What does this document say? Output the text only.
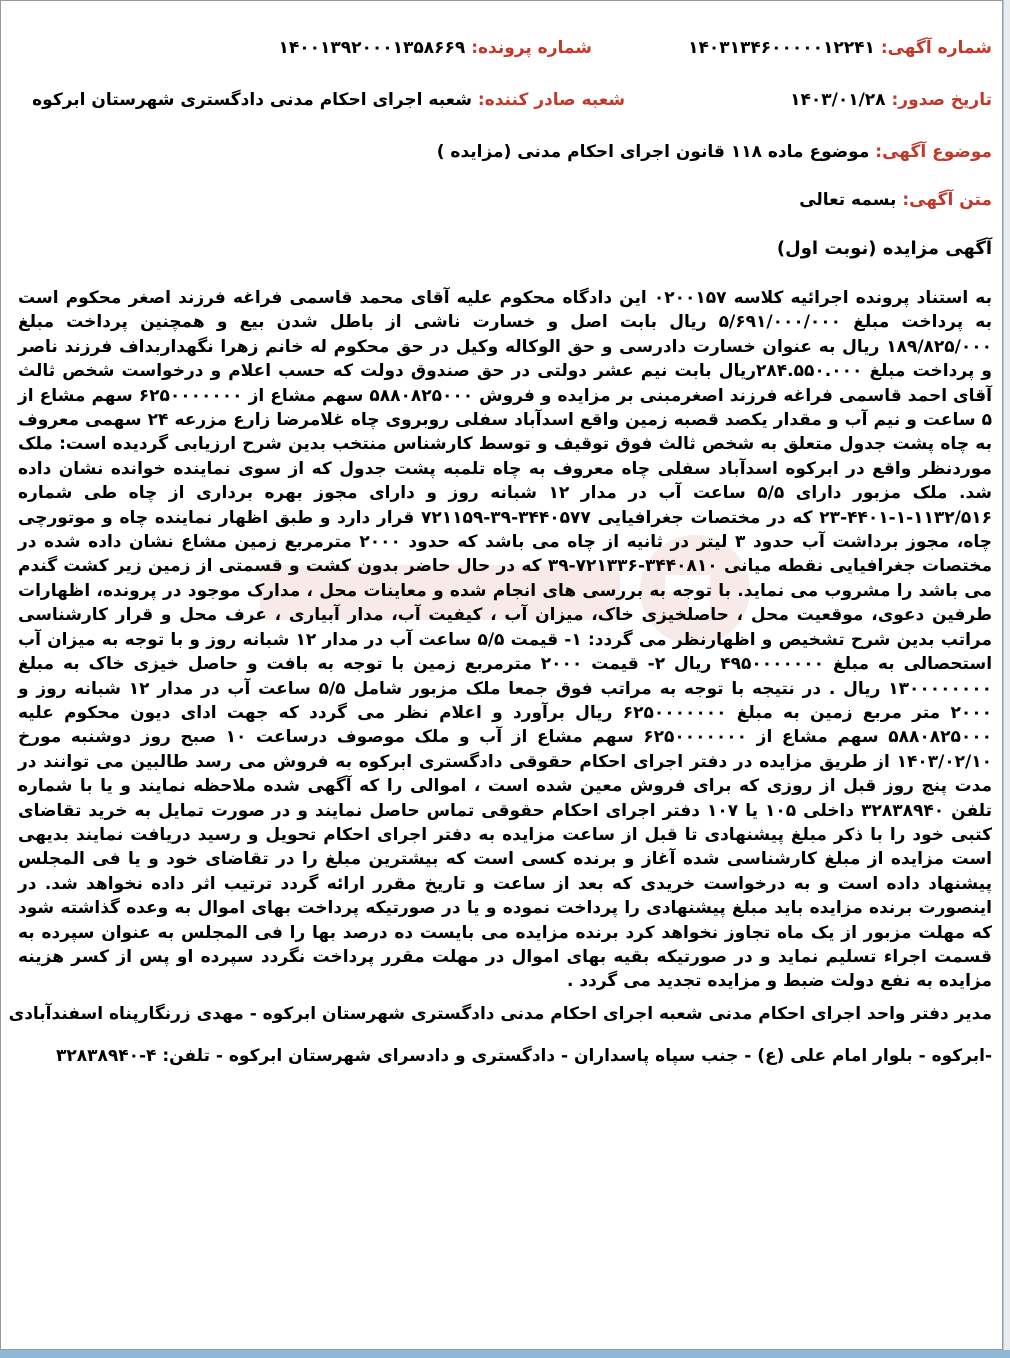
شماره آگهی: ۱۴۰۳۱۳۴۶۰۰۰۰۰۱۲۲۴۱
شماره پرونده: ۱۴۰۰۱۳۹۲۰۰۰۱۳۵۸۶۶۹
تاریخ صدور: ۱۴۰۳/۰۱/۲۸
شعبه صادر کننده: شعبه اجرای احکام مدنی دادگستری شهرستان ابرکوه
موضوع آگهی: موضوع ماده ۱۱۸ قانون اجرای احکام مدنی (مزایده )
متن آگهی: بسمه تعالی
آگهی مزایده (نوبت اول)

به استناد پرونده اجرائیه کلاسه ۰۲۰۰۱۵۷ این دادگاه محکوم علیه آقای محمد قاسمی فراغه فرزند اصغر محکوم است به پرداخت مبلغ ۵/۶۹۱/۰۰۰/۰۰۰ ریال بابت اصل و خسارت ناشی از باطل شدن بیع و همچنین پرداخت مبلغ ۱۸۹/۸۲۵/۰۰۰ ریال به عنوان خسارت دادرسی و حق الوکاله وکیل در حق محکوم له خانم زهرا نگهداربداف فرزند ناصر و پرداخت مبلغ ۲۸۴.۵۵۰.۰۰۰ریال بابت نیم عشر دولتی در حق صندوق دولت که حسب اعلام و درخواست شخص ثالث آقای احمد قاسمی فراغه فرزند اصغرمبنی بر مزایده و فروش ۵۸۸۰۸۲۵۰۰۰ سهم مشاع از ۶۲۵۰۰۰۰۰۰۰ سهم مشاع از ۵ ساعت و نیم آب و مقدار یکصد قصبه زمین واقع اسدآباد سفلی روبروی چاه غلامرضا زارع مزرعه ۲۴ سهمی معروف به چاه پشت جدول متعلق به شخص ثالث فوق توقیف و توسط کارشناس منتخب بدین شرح ارزیابی گردیده است: ملک موردنظر واقع در ابرکوه اسدآباد سفلی چاه معروف به چاه تلمبه پشت جدول که از سوی نماینده خوانده نشان داده شد. ملک مزبور دارای ۵/۵ ساعت آب در مدار ۱۲ شبانه روز و دارای مجوز بهره برداری از چاه طی شماره ۱۱۳۲/۵۱۶-۱-۴۴۰۱-۲۳ که در مختصات جغرافیایی ۳۴۴۰۵۷۷-۳۹-۷۲۱۱۵۹ قرار دارد و طبق اظهار نماینده چاه و موتورچی چاه، مجوز برداشت آب حدود ۳ لیتر در ثانیه از چاه می باشد که حدود ۲۰۰۰ مترمربع زمین مشاع نشان داده شده در مختصات جغرافیایی نقطه میانی ۳۴۴۰۸۱۰-۷۲۱۳۳۶-۳۹ که در حال حاضر بدون کشت و قسمتی از زمین زیر کشت گندم می باشد را مشروب می نماید. با توجه به بررسی های انجام شده و معاینات محل ، مدارک موجود در پرونده، اظهارات طرفین دعوی، موقعیت محل ، حاصلخیزی خاک، میزان آب ، کیفیت آب، مدار آبیاری ، عرف محل و قرار کارشناسی مراتب بدین شرح تشخیص و اظهارنظر می گردد: ۱- قیمت ۵/۵ ساعت آب در مدار ۱۲ شبانه روز و با توجه به میزان آب استحصالی به مبلغ ۴۹۵۰۰۰۰۰۰۰ ریال ۲- قیمت ۲۰۰۰ مترمربع زمین با توجه به بافت و حاصل خیزی خاک به مبلغ ۱۳۰۰۰۰۰۰۰۰ ریال . در نتیجه با توجه به مراتب فوق جمعا ملک مزبور شامل ۵/۵ ساعت آب در مدار ۱۲ شبانه روز و ۲۰۰۰ متر مربع زمین به مبلغ ۶۲۵۰۰۰۰۰۰۰ ریال برآورد و اعلام نظر می گردد که جهت ادای دیون محکوم علیه ۵۸۸۰۸۲۵۰۰۰ سهم مشاع از ۶۲۵۰۰۰۰۰۰۰ سهم مشاع از آب و ملک موصوف درساعت ۱۰ صبح روز دوشنبه مورخ ۱۴۰۳/۰۲/۱۰ از طریق مزایده در دفتر اجرای احکام حقوقی دادگستری ابرکوه به فروش می رسد طالبین می توانند در مدت پنج روز قبل از روزی که برای فروش معین شده است ، اموالی را که آگهی شده ملاحظه نمایند و یا با شماره تلفن ۳۲۸۳۸۹۴۰ داخلی ۱۰۵ یا ۱۰۷ دفتر اجرای احکام حقوقی تماس حاصل نمایند و در صورت تمایل به خرید تقاضای کتبی خود را با ذکر مبلغ پیشنهادی تا قبل از ساعت مزایده به دفتر اجرای احکام تحویل و رسید دریافت نمایند بدیهی است مزایده از مبلغ کارشناسی شده آغاز و برنده کسی است که بیشترین مبلغ را در تقاضای خود و یا فی المجلس پیشنهاد داده است و به درخواست خریدی که بعد از ساعت و تاریخ مقرر ارائه گردد ترتیب اثر داده نخواهد شد. در اینصورت برنده مزایده باید مبلغ پیشنهادی را پرداخت نموده و یا در صورتیکه پرداخت بهای اموال به وعده گذاشته شود که مهلت مزبور از یک ماه تجاوز نخواهد کرد برنده مزایده می بایست ده درصد بها را فی المجلس به عنوان سپرده به قسمت اجراء تسلیم نماید و در صورتیکه بقیه بهای اموال در مهلت مقرر پرداخت نگردد سپرده او پس از کسر هزینه مزایده به نفع دولت ضبط و مزایده تجدید می گردد .

مدیر دفتر واحد اجرای احکام مدنی شعبه اجرای احکام مدنی دادگستری شهرستان ابرکوه - مهدی زرنگارپناه اسفندآبادی
-ابرکوه - بلوار امام علی (ع) - جنب سپاه پاسداران - دادگستری و دادسرای شهرستان ابرکوه - تلفن: ۴-۳۲۸۳۸۹۴۰
